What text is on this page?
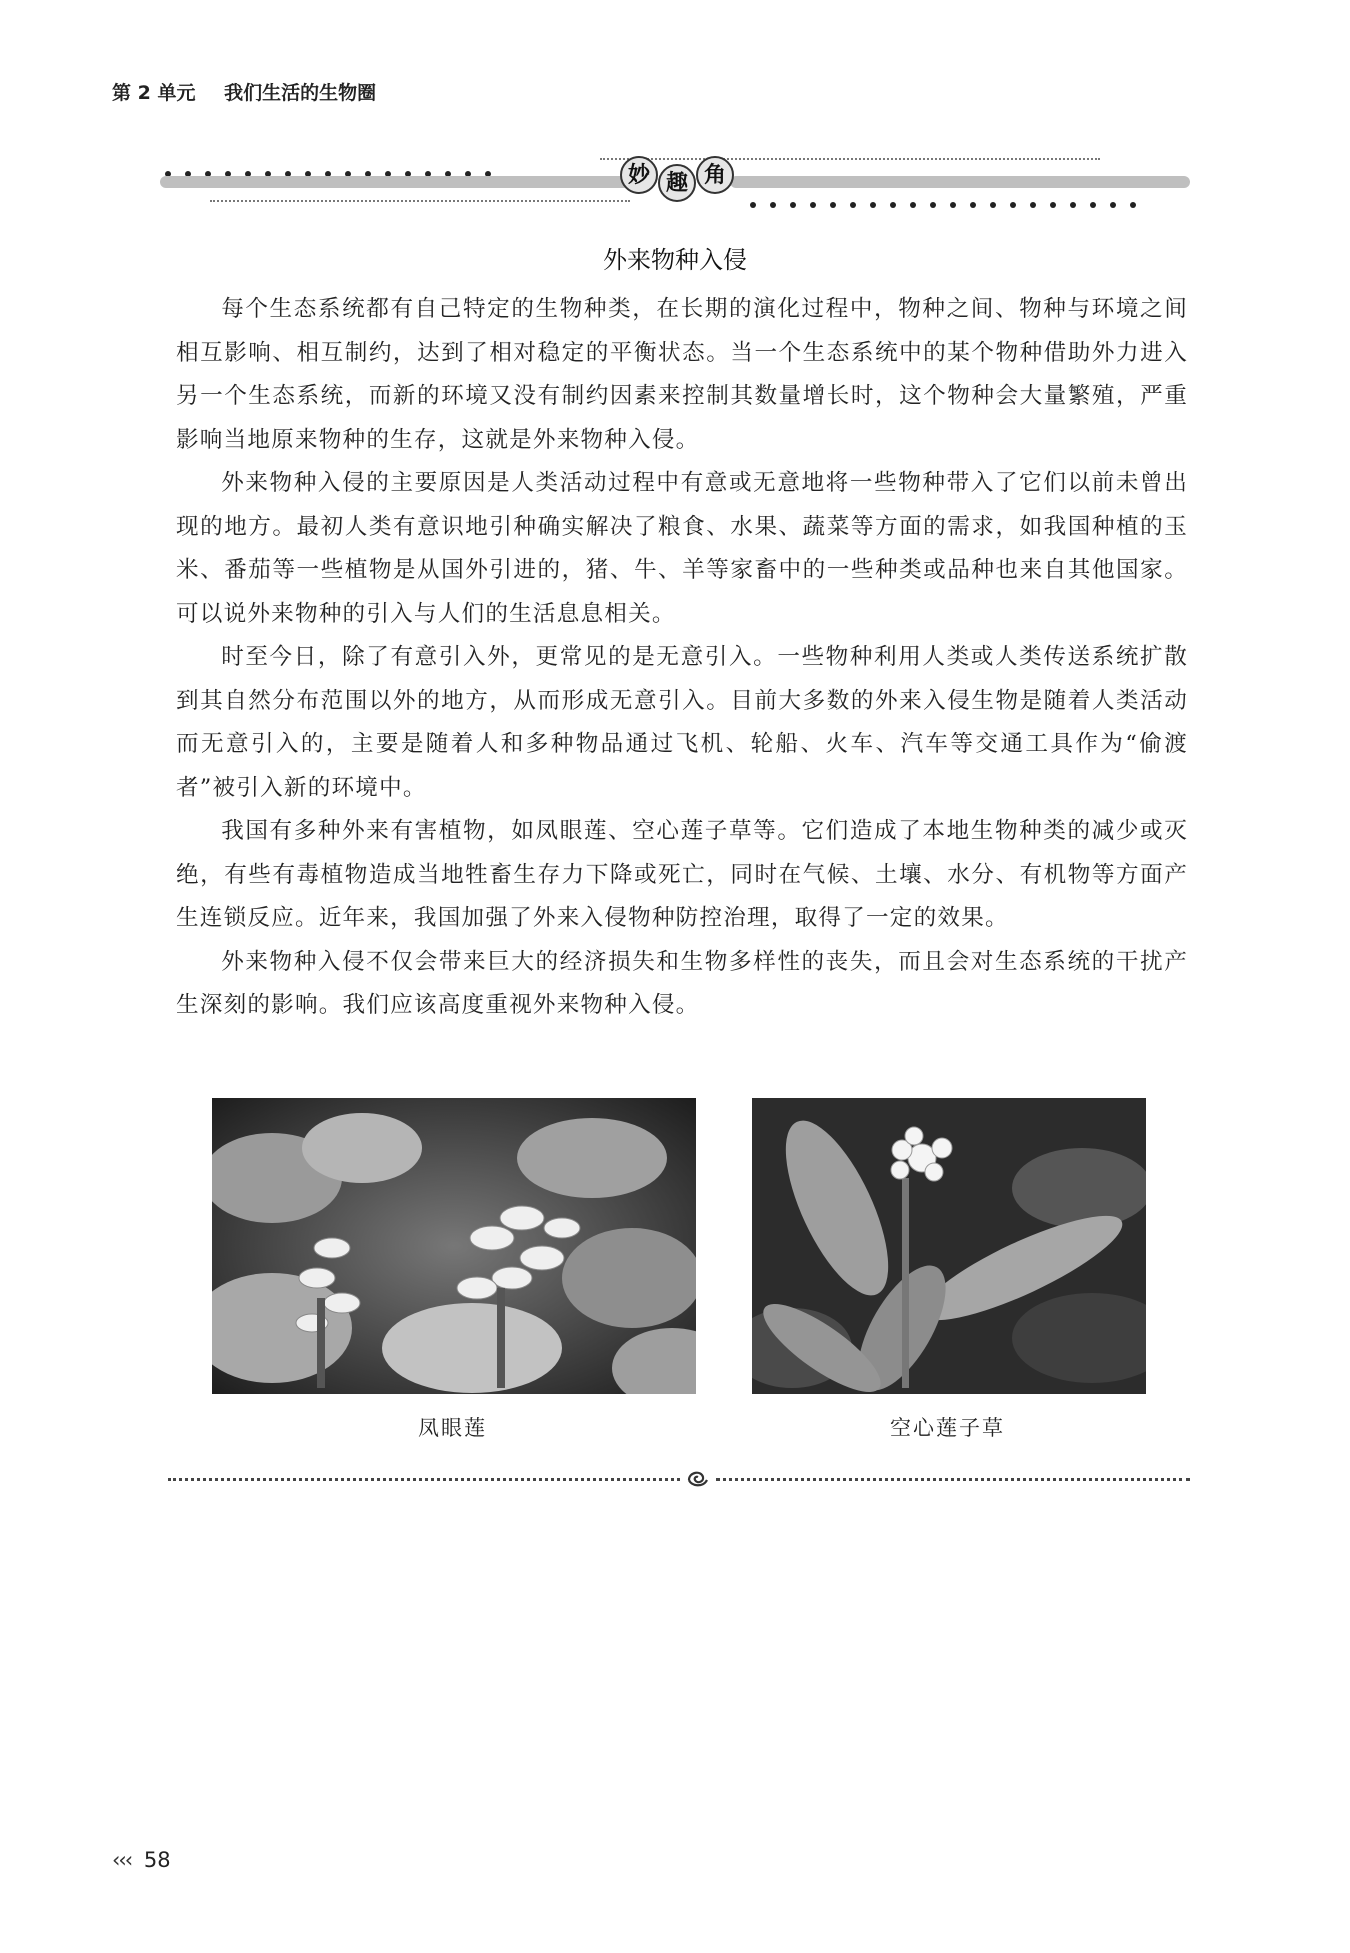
第 2 单元 我们生活的生物圈
妙 趣 角
外来物种入侵

每个生态系统都有自己特定的生物种类，在长期的演化过程中，物种之间、物种与环境之间相互影响、相互制约，达到了相对稳定的平衡状态。当一个生态系统中的某个物种借助外力进入另一个生态系统，而新的环境又没有制约因素来控制其数量增长时，这个物种会大量繁殖，严重影响当地原来物种的生存，这就是外来物种入侵。

外来物种入侵的主要原因是人类活动过程中有意或无意地将一些物种带入了它们以前未曾出现的地方。最初人类有意识地引种确实解决了粮食、水果、蔬菜等方面的需求，如我国种植的玉米、番茄等一些植物是从国外引进的，猪、牛、羊等家畜中的一些种类或品种也来自其他国家。可以说外来物种的引入与人们的生活息息相关。

时至今日，除了有意引入外，更常见的是无意引入。一些物种利用人类或人类传送系统扩散到其自然分布范围以外的地方，从而形成无意引入。目前大多数的外来入侵生物是随着人类活动而无意引入的，主要是随着人和多种物品通过飞机、轮船、火车、汽车等交通工具作为“偷渡者”被引入新的环境中。

我国有多种外来有害植物，如凤眼莲、空心莲子草等。它们造成了本地生物种类的减少或灭绝，有些有毒植物造成当地牲畜生存力下降或死亡，同时在气候、土壤、水分、有机物等方面产生连锁反应。近年来，我国加强了外来入侵物种防控治理，取得了一定的效果。

外来物种入侵不仅会带来巨大的经济损失和生物多样性的丧失，而且会对生态系统的干扰产生深刻的影响。我们应该高度重视外来物种入侵。

凤眼莲	空心莲子草
‹‹‹ 58
